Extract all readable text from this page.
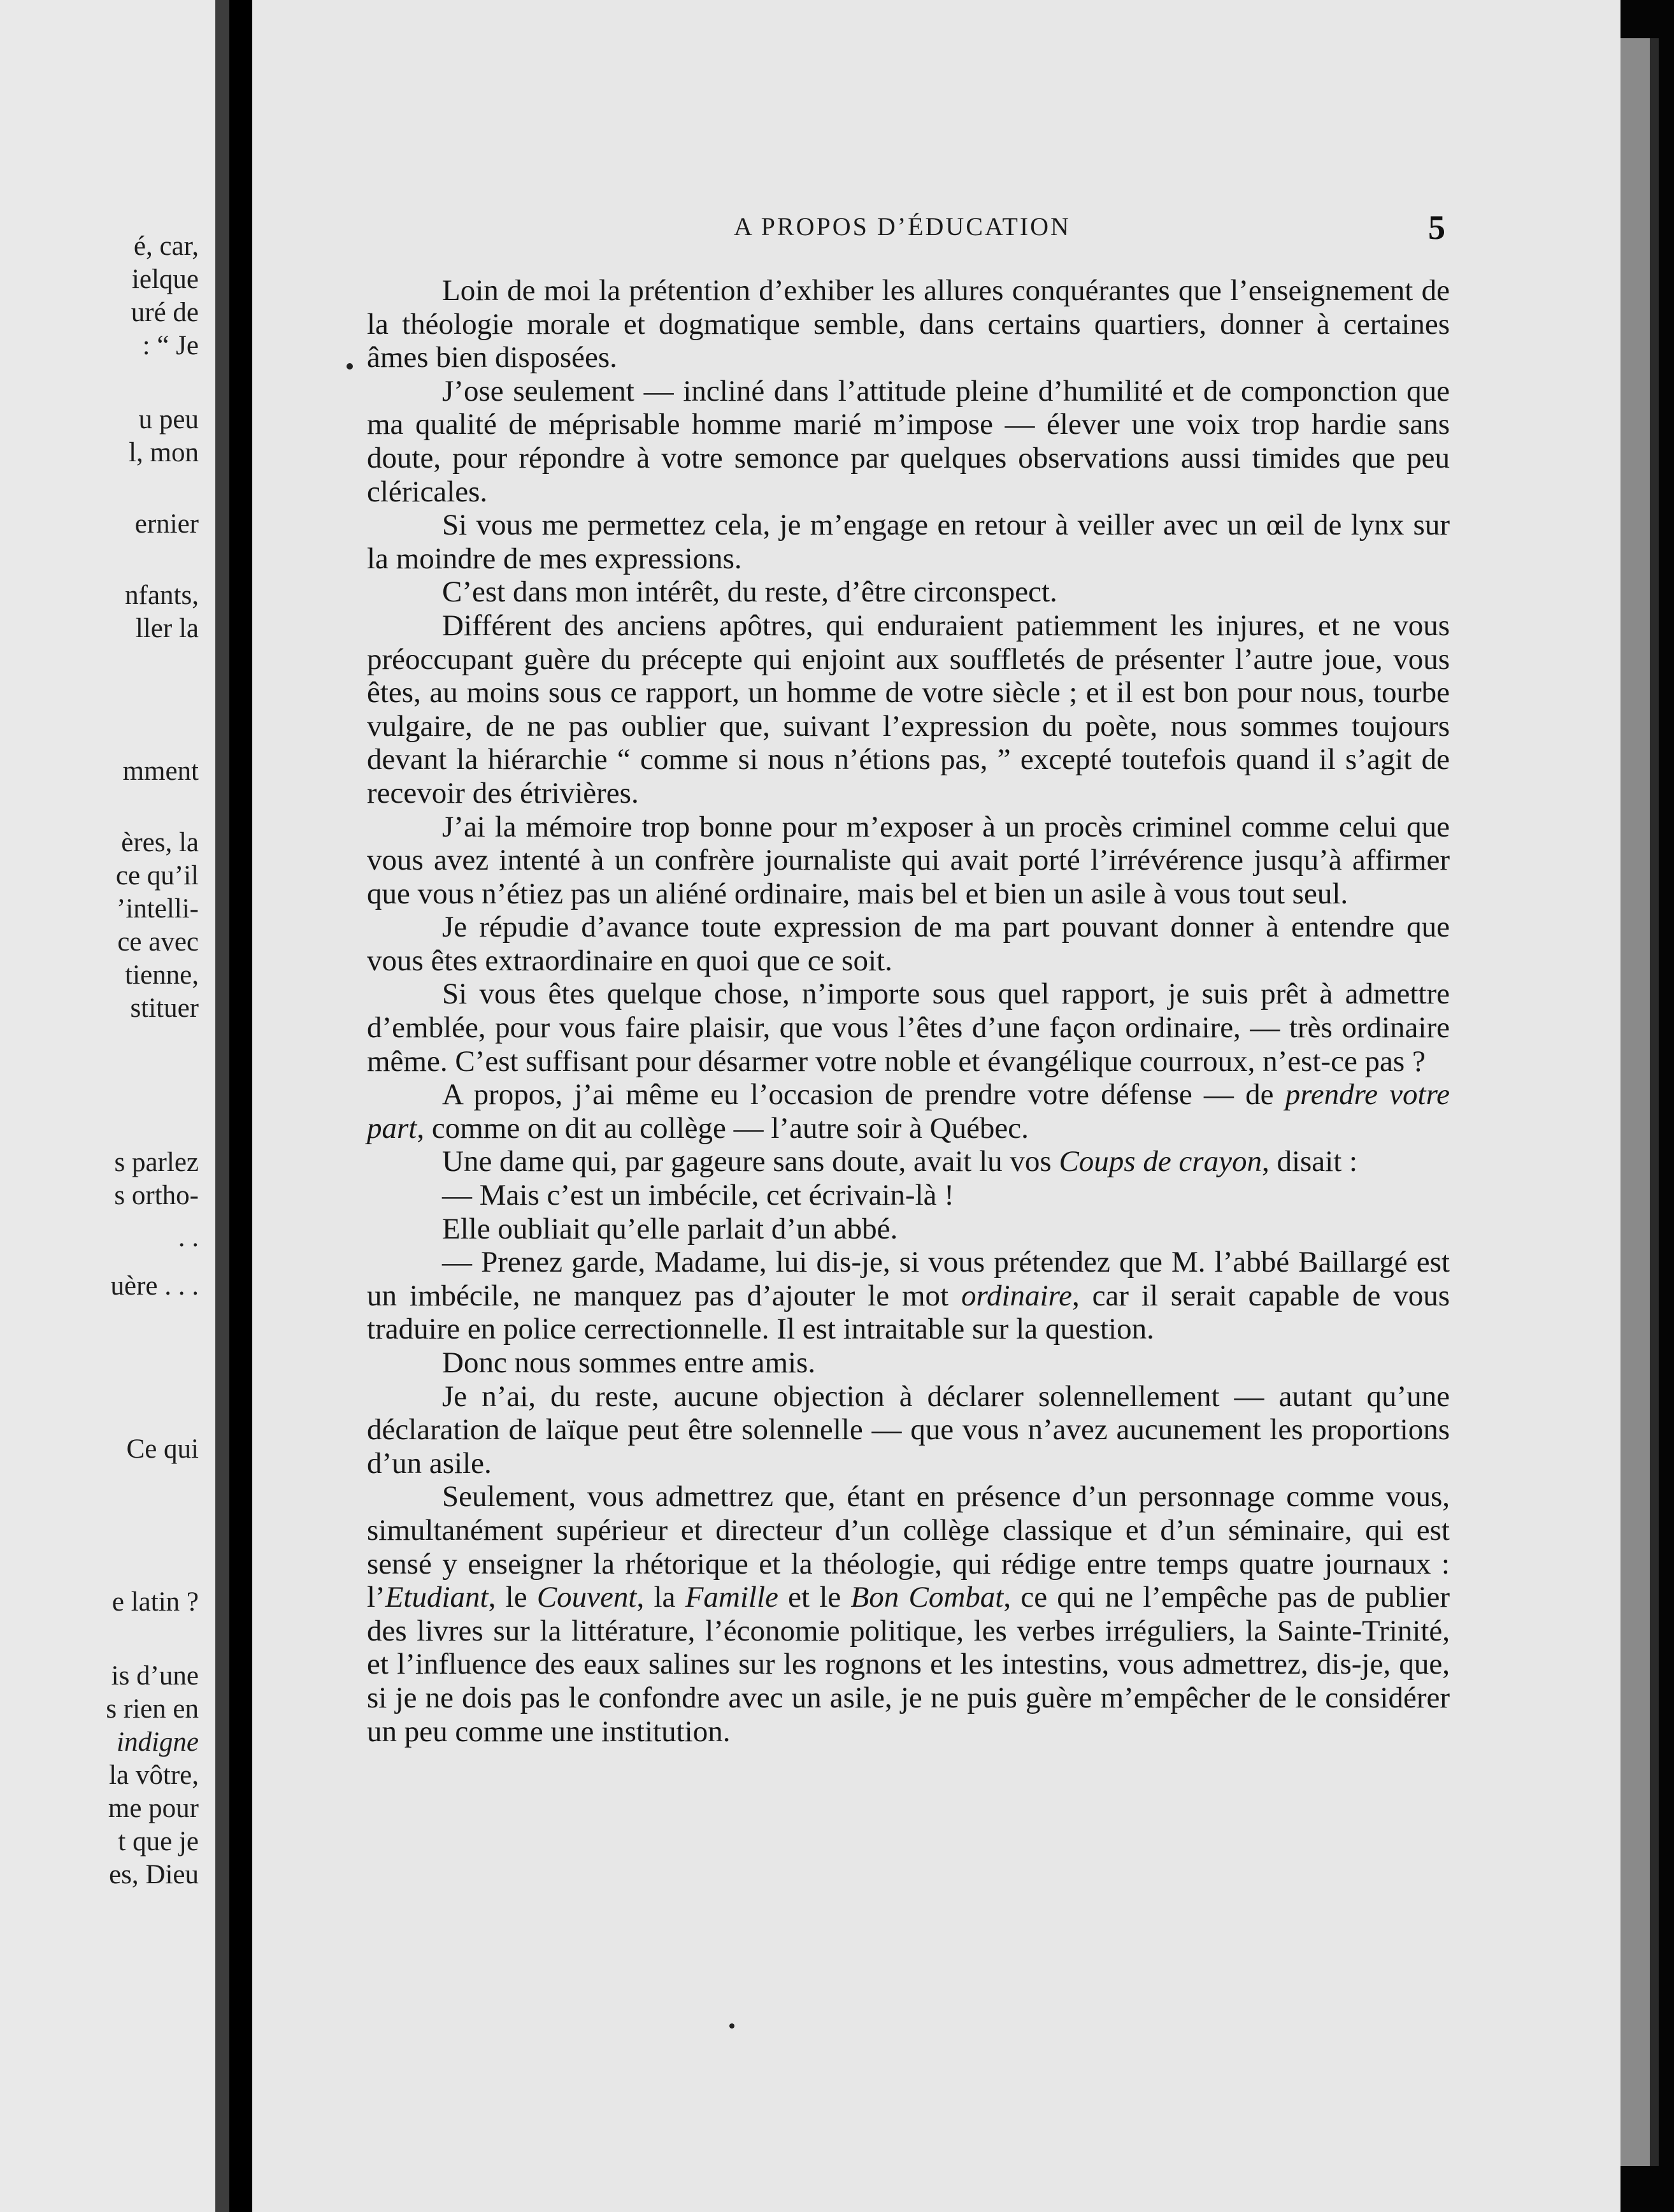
é, car,
ielque
uré de
: “ Je
u peu
l, mon
ernier
nfants,
ller la
mment
ères, la
ce qu’il
’intelli-
ce avec
tienne,
stituer
s parlez
s ortho-
. .
uère . . .
Ce qui
e latin ?
is d’une
s rien en
indigne
la vôtre,
me pour
t que je
es, Dieu
A PROPOS D’ÉDUCATION	5

Loin de moi la prétention d’exhiber les allures conquérantes que l’enseignement de la théologie morale et dogmatique semble, dans certains quartiers, donner à certaines âmes bien disposées.

J’ose seulement — incliné dans l’attitude pleine d’humilité et de componction que ma qualité de méprisable homme marié m’impose — élever une voix trop hardie sans doute, pour répondre à votre semonce par quelques observations aussi timides que peu cléricales.

Si vous me permettez cela, je m’engage en retour à veiller avec un œil de lynx sur la moindre de mes expressions.

C’est dans mon intérêt, du reste, d’être circonspect.

Différent des anciens apôtres, qui enduraient patiemment les injures, et ne vous préoccupant guère du précepte qui enjoint aux souffletés de présenter l’autre joue, vous êtes, au moins sous ce rapport, un homme de votre siècle ; et il est bon pour nous, tourbe vulgaire, de ne pas oublier que, suivant l’expression du poète, nous sommes toujours devant la hiérarchie “ comme si nous n’étions pas, ” excepté toutefois quand il s’agit de recevoir des étrivières.

J’ai la mémoire trop bonne pour m’exposer à un procès criminel comme celui que vous avez intenté à un confrère journaliste qui avait porté l’irrévérence jusqu’à affirmer que vous n’étiez pas un aliéné ordinaire, mais bel et bien un asile à vous tout seul.

Je répudie d’avance toute expression de ma part pouvant donner à entendre que vous êtes extraordinaire en quoi que ce soit.

Si vous êtes quelque chose, n’importe sous quel rapport, je suis prêt à admettre d’emblée, pour vous faire plaisir, que vous l’êtes d’une façon ordinaire, — très ordinaire même. C’est suffisant pour désarmer votre noble et évangélique courroux, n’est-ce pas ?

A propos, j’ai même eu l’occasion de prendre votre défense — de prendre votre part, comme on dit au collège — l’autre soir à Québec.

Une dame qui, par gageure sans doute, avait lu vos Coups de crayon, disait :

— Mais c’est un imbécile, cet écrivain-là !

Elle oubliait qu’elle parlait d’un abbé.

— Prenez garde, Madame, lui dis-je, si vous prétendez que M. l’abbé Baillargé est un imbécile, ne manquez pas d’ajouter le mot ordinaire, car il serait capable de vous traduire en police cerrectionnelle. Il est intraitable sur la question.

Donc nous sommes entre amis.

Je n’ai, du reste, aucune objection à déclarer solennellement — autant qu’une déclaration de laïque peut être solennelle — que vous n’avez aucunement les proportions d’un asile.

Seulement, vous admettrez que, étant en présence d’un personnage comme vous, simultanément supérieur et directeur d’un collège classique et d’un séminaire, qui est sensé y enseigner la rhétorique et la théologie, qui rédige entre temps quatre journaux : l’Etudiant, le Couvent, la Famille et le Bon Combat, ce qui ne l’empêche pas de publier des livres sur la littérature, l’économie politique, les verbes irréguliers, la Sainte-Trinité, et l’influence des eaux salines sur les rognons et les intestins, vous admettrez, dis-je, que, si je ne dois pas le confondre avec un asile, je ne puis guère m’empêcher de le considérer un peu comme une institution.
